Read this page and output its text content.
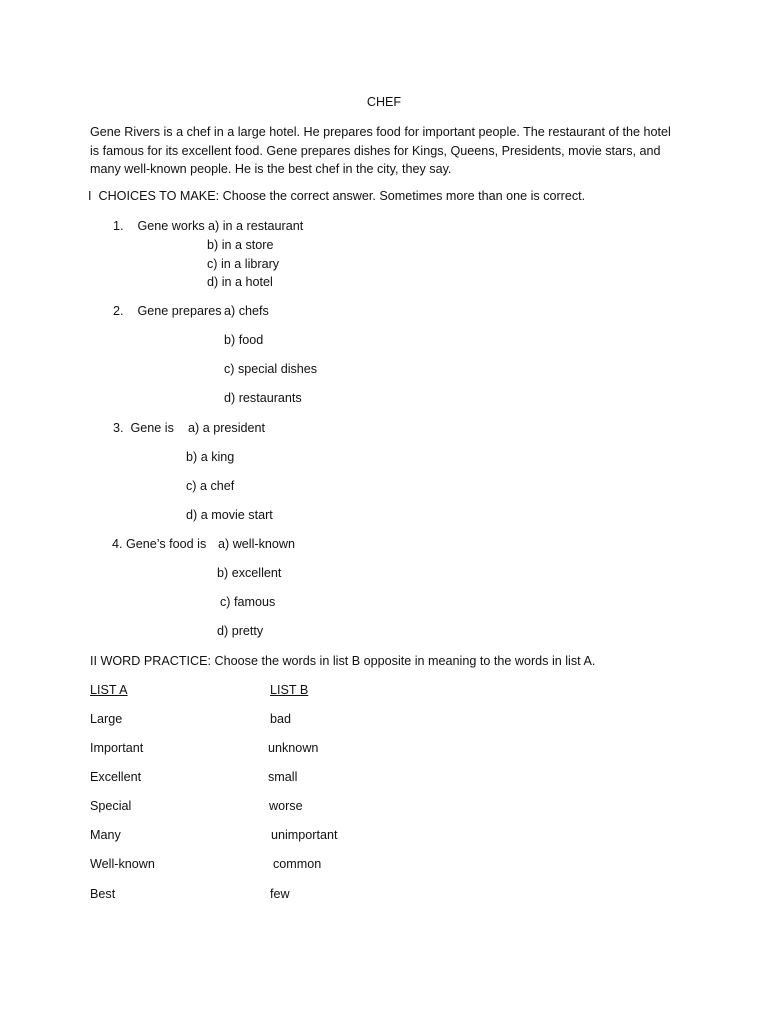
CHEF
Gene Rivers is a chef in a large hotel. He prepares food for important people. The restaurant of the hotel
is famous for its excellent food. Gene prepares dishes for Kings, Queens, Presidents, movie stars, and
many well-known people. He is the best chef in the city, they say.
I  CHOICES TO MAKE: Choose the correct answer. Sometimes more than one is correct.
1.    Gene works a) in a restaurant
b) in a store
c) in a library
d) in a hotel
2.    Gene prepares a) chefs
b) food
c) special dishes
d) restaurants
3.  Gene is a) a president
b) a king
c) a chef
d) a movie start
4. Gene’s food is a) well-known
b) excellent
c) famous
d) pretty
II WORD PRACTICE: Choose the words in list B opposite in meaning to the words in list A.
LIST A	LIST B
Large
Important
Excellent
Special
Many
Well-known
Best
bad
unknown
small
worse
unimportant
common
few
